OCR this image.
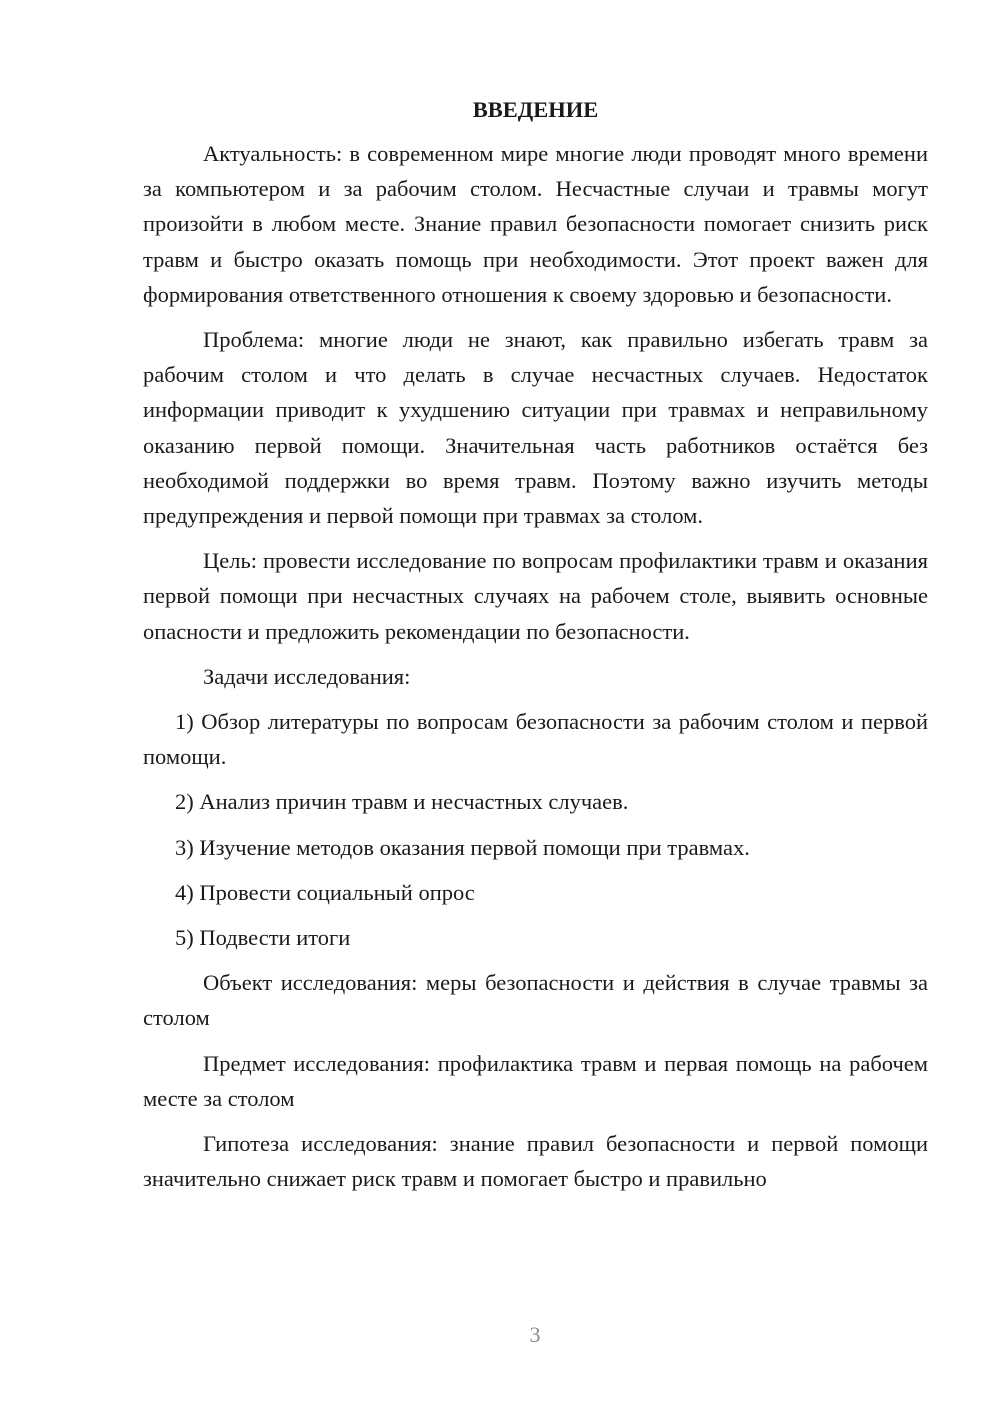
ВВЕДЕНИЕ

Актуальность: в современном мире многие люди проводят много времени за компьютером и за рабочим столом. Несчастные случаи и травмы могут произойти в любом месте. Знание правил безопасности помогает снизить риск травм и быстро оказать помощь при необходимости. Этот проект важен для формирования ответственного отношения к своему здоровью и безопасности.

Проблема: многие люди не знают, как правильно избегать травм за рабочим столом и что делать в случае несчастных случаев. Недостаток информации приводит к ухудшению ситуации при травмах и неправильному оказанию первой помощи. Значительная часть работников остаётся без необходимой поддержки во время травм. Поэтому важно изучить методы предупреждения и первой помощи при травмах за столом.

Цель: провести исследование по вопросам профилактики травм и оказания первой помощи при несчастных случаях на рабочем столе, выявить основные опасности и предложить рекомендации по безопасности.

Задачи исследования:

1) Обзор литературы по вопросам безопасности за рабочим столом и первой помощи.

2) Анализ причин травм и несчастных случаев.

3) Изучение методов оказания первой помощи при травмах.

4) Провести социальный опрос

5) Подвести итоги

Объект исследования: меры безопасности и действия в случае травмы за столом

Предмет исследования: профилактика травм и первая помощь на рабочем месте за столом

Гипотеза исследования: знание правил безопасности и первой помощи значительно снижает риск травм и помогает быстро и правильно

3
